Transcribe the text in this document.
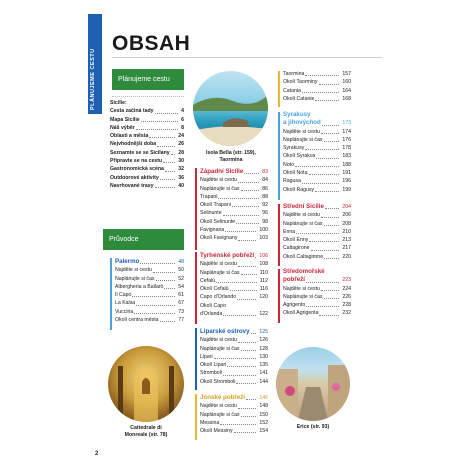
PLÁNUJEME CESTU
OBSAH
Plánujeme cestu
Sicílie:
Cesta začíná tady	4
Mapa Sicílie	6
Náš výběr	8
Oblasti a města	24
Nejvhodnější doba	26
Seznamte se se Sicílany	28
Připravte se na cestu	30
Gastronomická scéna	32
Outdoorové aktivity	36
Navrhované trasy	40
Průvodce
Palermo	48
Najděte si cestu	50
Naplánujte si čas	52
Albergheria a Ballarò	54
Il Capo	61
La Kalsa	67
Vucciria	73
Okolí centra města	77
Isola Bella (str. 159),
Taormina
Západní Sicílie	83
Najděte si cestu	84
Naplánujte si čas	86
Trapani	88
Okolí Trapani	92
Selinunte	96
Okolí Selinunte	98
Favignana	100
Okolí Favignany	103
Tyrhénské pobřeží 106
Najděte si cestu	108
Naplánujte si čas	110
Cefalù	112
Okolí Cefalù	116
Capo d'Orlando	120
Okolí Capo
d'Orlanda	122
Liparské ostrovy	125
Najděte si cestu	126
Naplánujte si čas	128
Lipari	130
Okolí Lipari	135
Stromboli	141
Okolí Stromboli	144
Jónské pobřeží	146
Najděte si cestu	148
Naplánujte si čas	150
Messina	152
Okolí Messiny	154
Taormina	157
Okolí Taorminy	160
Catania	164
Okolí Catanie	168
Syrakusy
a jihovýchod	173
Najděte si cestu	174
Naplánujte si čas	176
Syrakusy	178
Okolí Syrakus	183
Noto	188
Okolí Nota	191
Ragusa	196
Okolí Ragusy	199
Střední Sicílie	204
Najděte si cestu	206
Naplánujte si čas	208
Enna	210
Okolí Enny	213
Caltagirone	217
Okolí Caltagirone	220
Středomořské
pobřeží	223
Najděte si cestu	224
Naplánujte si čas	226
Agrigento	228
Okolí Agrigenta	232
Cattedrale di
Monreale (str. 78)
Erice (str. 93)
2
